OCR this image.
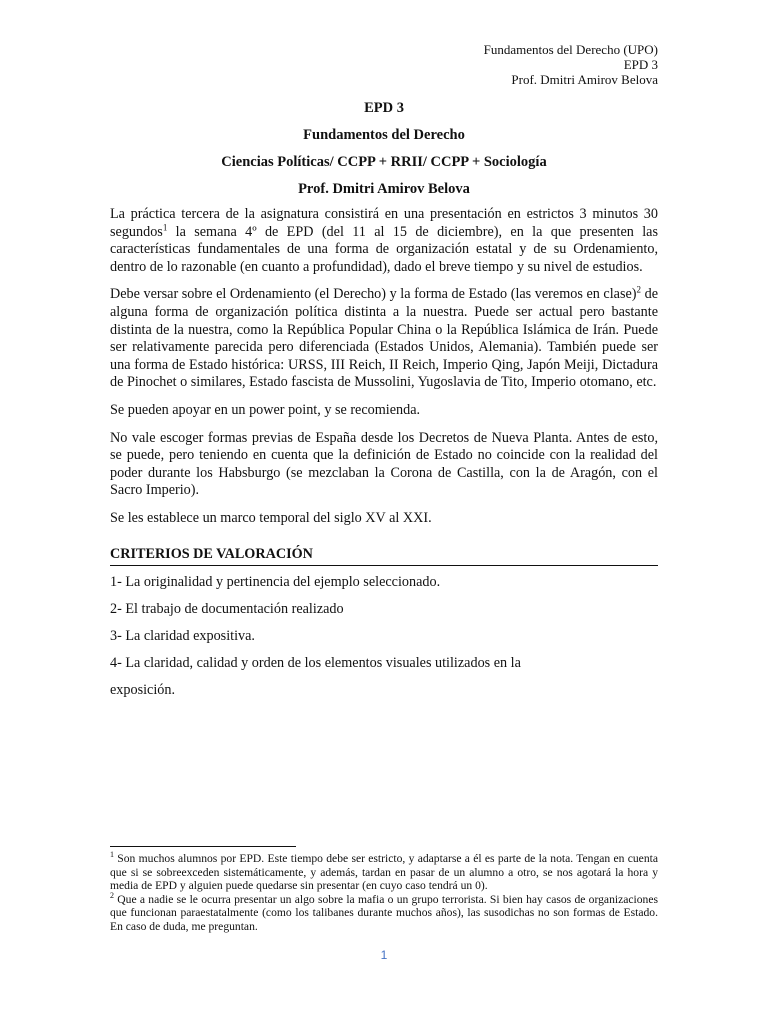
Fundamentos del Derecho (UPO)
EPD 3
Prof. Dmitri Amirov Belova
EPD 3
Fundamentos del Derecho
Ciencias Políticas/ CCPP + RRII/ CCPP + Sociología
Prof. Dmitri Amirov Belova

La práctica tercera de la asignatura consistirá en una presentación en estrictos 3 minutos 30 segundos$^1$ la semana 4º de EPD (del 11 al 15 de diciembre), en la que presenten las características fundamentales de una forma de organización estatal y de su Ordenamiento, dentro de lo razonable (en cuanto a profundidad), dado el breve tiempo y su nivel de estudios.

Debe versar sobre el Ordenamiento (el Derecho) y la forma de Estado (las veremos en clase)$^2$ de alguna forma de organización política distinta a la nuestra. Puede ser actual pero bastante distinta de la nuestra, como la República Popular China o la República Islámica de Irán. Puede ser relativamente parecida pero diferenciada (Estados Unidos, Alemania). También puede ser una forma de Estado histórica: URSS, III Reich, II Reich, Imperio Qing, Japón Meiji, Dictadura de Pinochet o similares, Estado fascista de Mussolini, Yugoslavia de Tito, Imperio otomano, etc.

Se pueden apoyar en un power point, y se recomienda.

No vale escoger formas previas de España desde los Decretos de Nueva Planta. Antes de esto, se puede, pero teniendo en cuenta que la definición de Estado no coincide con la realidad del poder durante los Habsburgo (se mezclaban la Corona de Castilla, con la de Aragón, con el Sacro Imperio).

Se les establece un marco temporal del siglo XV al XXI.

CRITERIOS DE VALORACIÓN
1- La originalidad y pertinencia del ejemplo seleccionado.
2- El trabajo de documentación realizado
3- La claridad expositiva.
4- La claridad, calidad y orden de los elementos visuales utilizados en la
exposición.

$^1$ Son muchos alumnos por EPD. Este tiempo debe ser estricto, y adaptarse a él es parte de la nota. Tengan en cuenta que si se sobreexceden sistemáticamente, y además, tardan en pasar de un alumno a otro, se nos agotará la hora y media de EPD y alguien puede quedarse sin presentar (en cuyo caso tendrá un 0).

$^2$ Que a nadie se le ocurra presentar un algo sobre la mafia o un grupo terrorista. Si bien hay casos de organizaciones que funcionan paraestatalmente (como los talibanes durante muchos años), las susodichas no son formas de Estado. En caso de duda, me preguntan.

1
